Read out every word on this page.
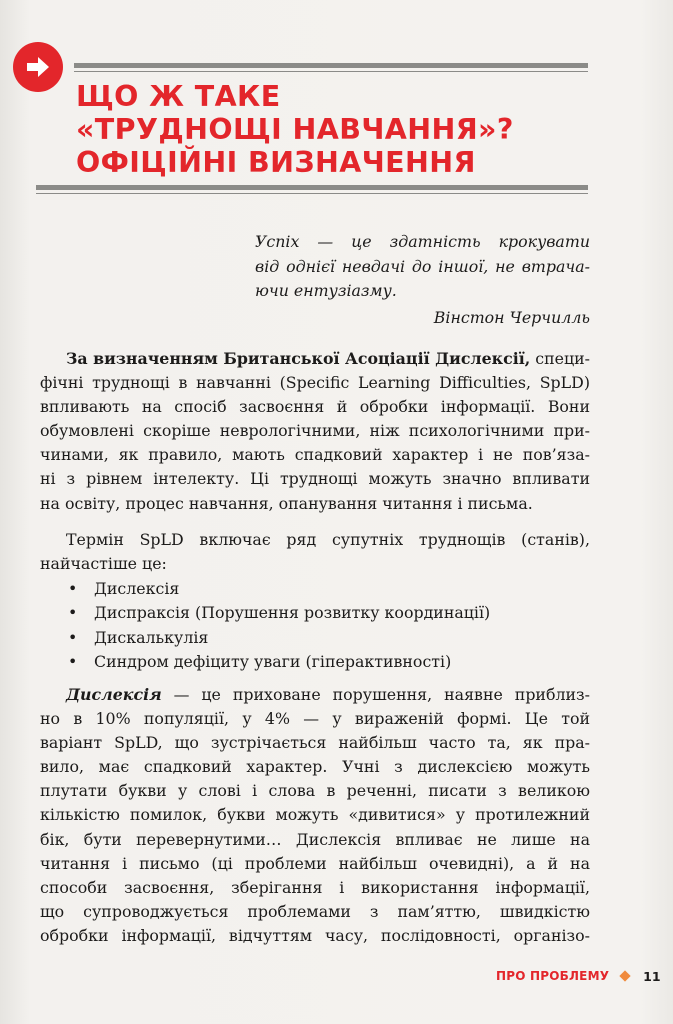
ЩО Ж ТАКЕ
«ТРУДНОЩІ НАВЧАННЯ»?
ОФІЦІЙНІ ВИЗНАЧЕННЯ
Успіх — це здатність крокувати
від однієї невдачі до іншої, не втрача-
ючи ентузіазму.
Вінстон Черчилль
За визначенням Британської Асоціації Дислексії, специ-
фічні труднощі в навчанні (Specific Learning Difficulties, SpLD)
впливають на спосіб засвоєння й обробки інформації. Вони
обумовлені скоріше неврологічними, ніж психологічними при-
чинами, як правило, мають спадковий характер і не пов’язa-
ні з рівнем інтелекту. Ці труднощі можуть значно впливати
на освіту, процес навчання, опанування читання і письма.
Термін SpLD включає ряд супутніх труднощів (станів),
найчастіше це:
• Дислексія
• Диспраксія (Порушення розвитку координації)
• Дискалькулія
• Синдром дефіциту уваги (гіперактивності)
Дислексія — це приховане порушення, наявне приблиз-
но в 10% популяції, у 4% — у вираженій формі. Це той
варіант SpLD, що зустрічається найбільш часто та, як пра-
вило, має спадковий характер. Учні з дислексією можуть
плутати букви у слові і слова в реченні, писати з великою
кількістю помилок, букви можуть «дивитися» у протилежний
бік, бути перевернутими… Дислексія впливає не лише на
читання і письмо (ці проблеми найбільш очевидні), а й на
способи засвоєння, зберігання і використання інформації,
що супроводжується проблемами з пам’яттю, швидкістю
обробки інформації, відчуттям часу, послідовності, організо-
ПРО ПРОБЛЕМУ	11
